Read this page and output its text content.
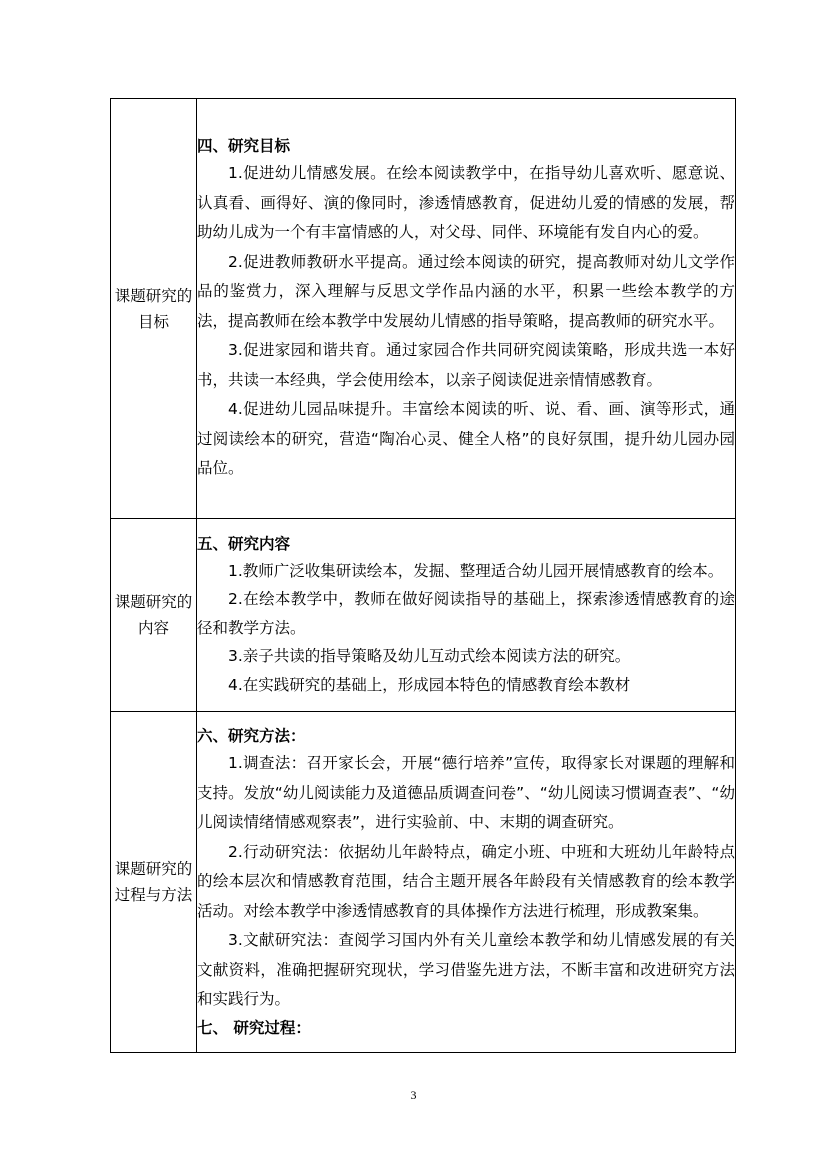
课题研究的目标	四、研究目标

1.促进幼儿情感发展。在绘本阅读教学中，在指导幼儿喜欢听、愿意说、认真看、画得好、演的像同时，渗透情感教育，促进幼儿爱的情感的发展，帮助幼儿成为一个有丰富情感的人，对父母、同伴、环境能有发自内心的爱。

2.促进教师教研水平提高。通过绘本阅读的研究，提高教师对幼儿文学作品的鉴赏力，深入理解与反思文学作品内涵的水平，积累一些绘本教学的方法，提高教师在绘本教学中发展幼儿情感的指导策略，提高教师的研究水平。

3.促进家园和谐共育。通过家园合作共同研究阅读策略，形成共选一本好书，共读一本经典，学会使用绘本，以亲子阅读促进亲情情感教育。

4.促进幼儿园品味提升。丰富绘本阅读的听、说、看、画、演等形式，通过阅读绘本的研究，营造“陶冶心灵、健全人格”的良好氛围，提升幼儿园办园品位。

课题研究的内容	五、研究内容

1.教师广泛收集研读绘本，发掘、整理适合幼儿园开展情感教育的绘本。

2.在绘本教学中，教师在做好阅读指导的基础上，探索渗透情感教育的途径和教学方法。

3.亲子共读的指导策略及幼儿互动式绘本阅读方法的研究。

4.在实践研究的基础上，形成园本特色的情感教育绘本教材

课题研究的过程与方法	六、研究方法：

1.调查法：召开家长会，开展“德行培养”宣传，取得家长对课题的理解和支持。发放“幼儿阅读能力及道德品质调查问卷”、“幼儿阅读习惯调查表”、“幼儿阅读情绪情感观察表”，进行实验前、中、末期的调查研究。

2.行动研究法：依据幼儿年龄特点，确定小班、中班和大班幼儿年龄特点的绘本层次和情感教育范围，结合主题开展各年龄段有关情感教育的绘本教学活动。对绘本教学中渗透情感教育的具体操作方法进行梳理，形成教案集。

3.文献研究法：查阅学习国内外有关儿童绘本教学和幼儿情感发展的有关文献资料，准确把握研究现状，学习借鉴先进方法，不断丰富和改进研究方法和实践行为。

七、 研究过程：
3
